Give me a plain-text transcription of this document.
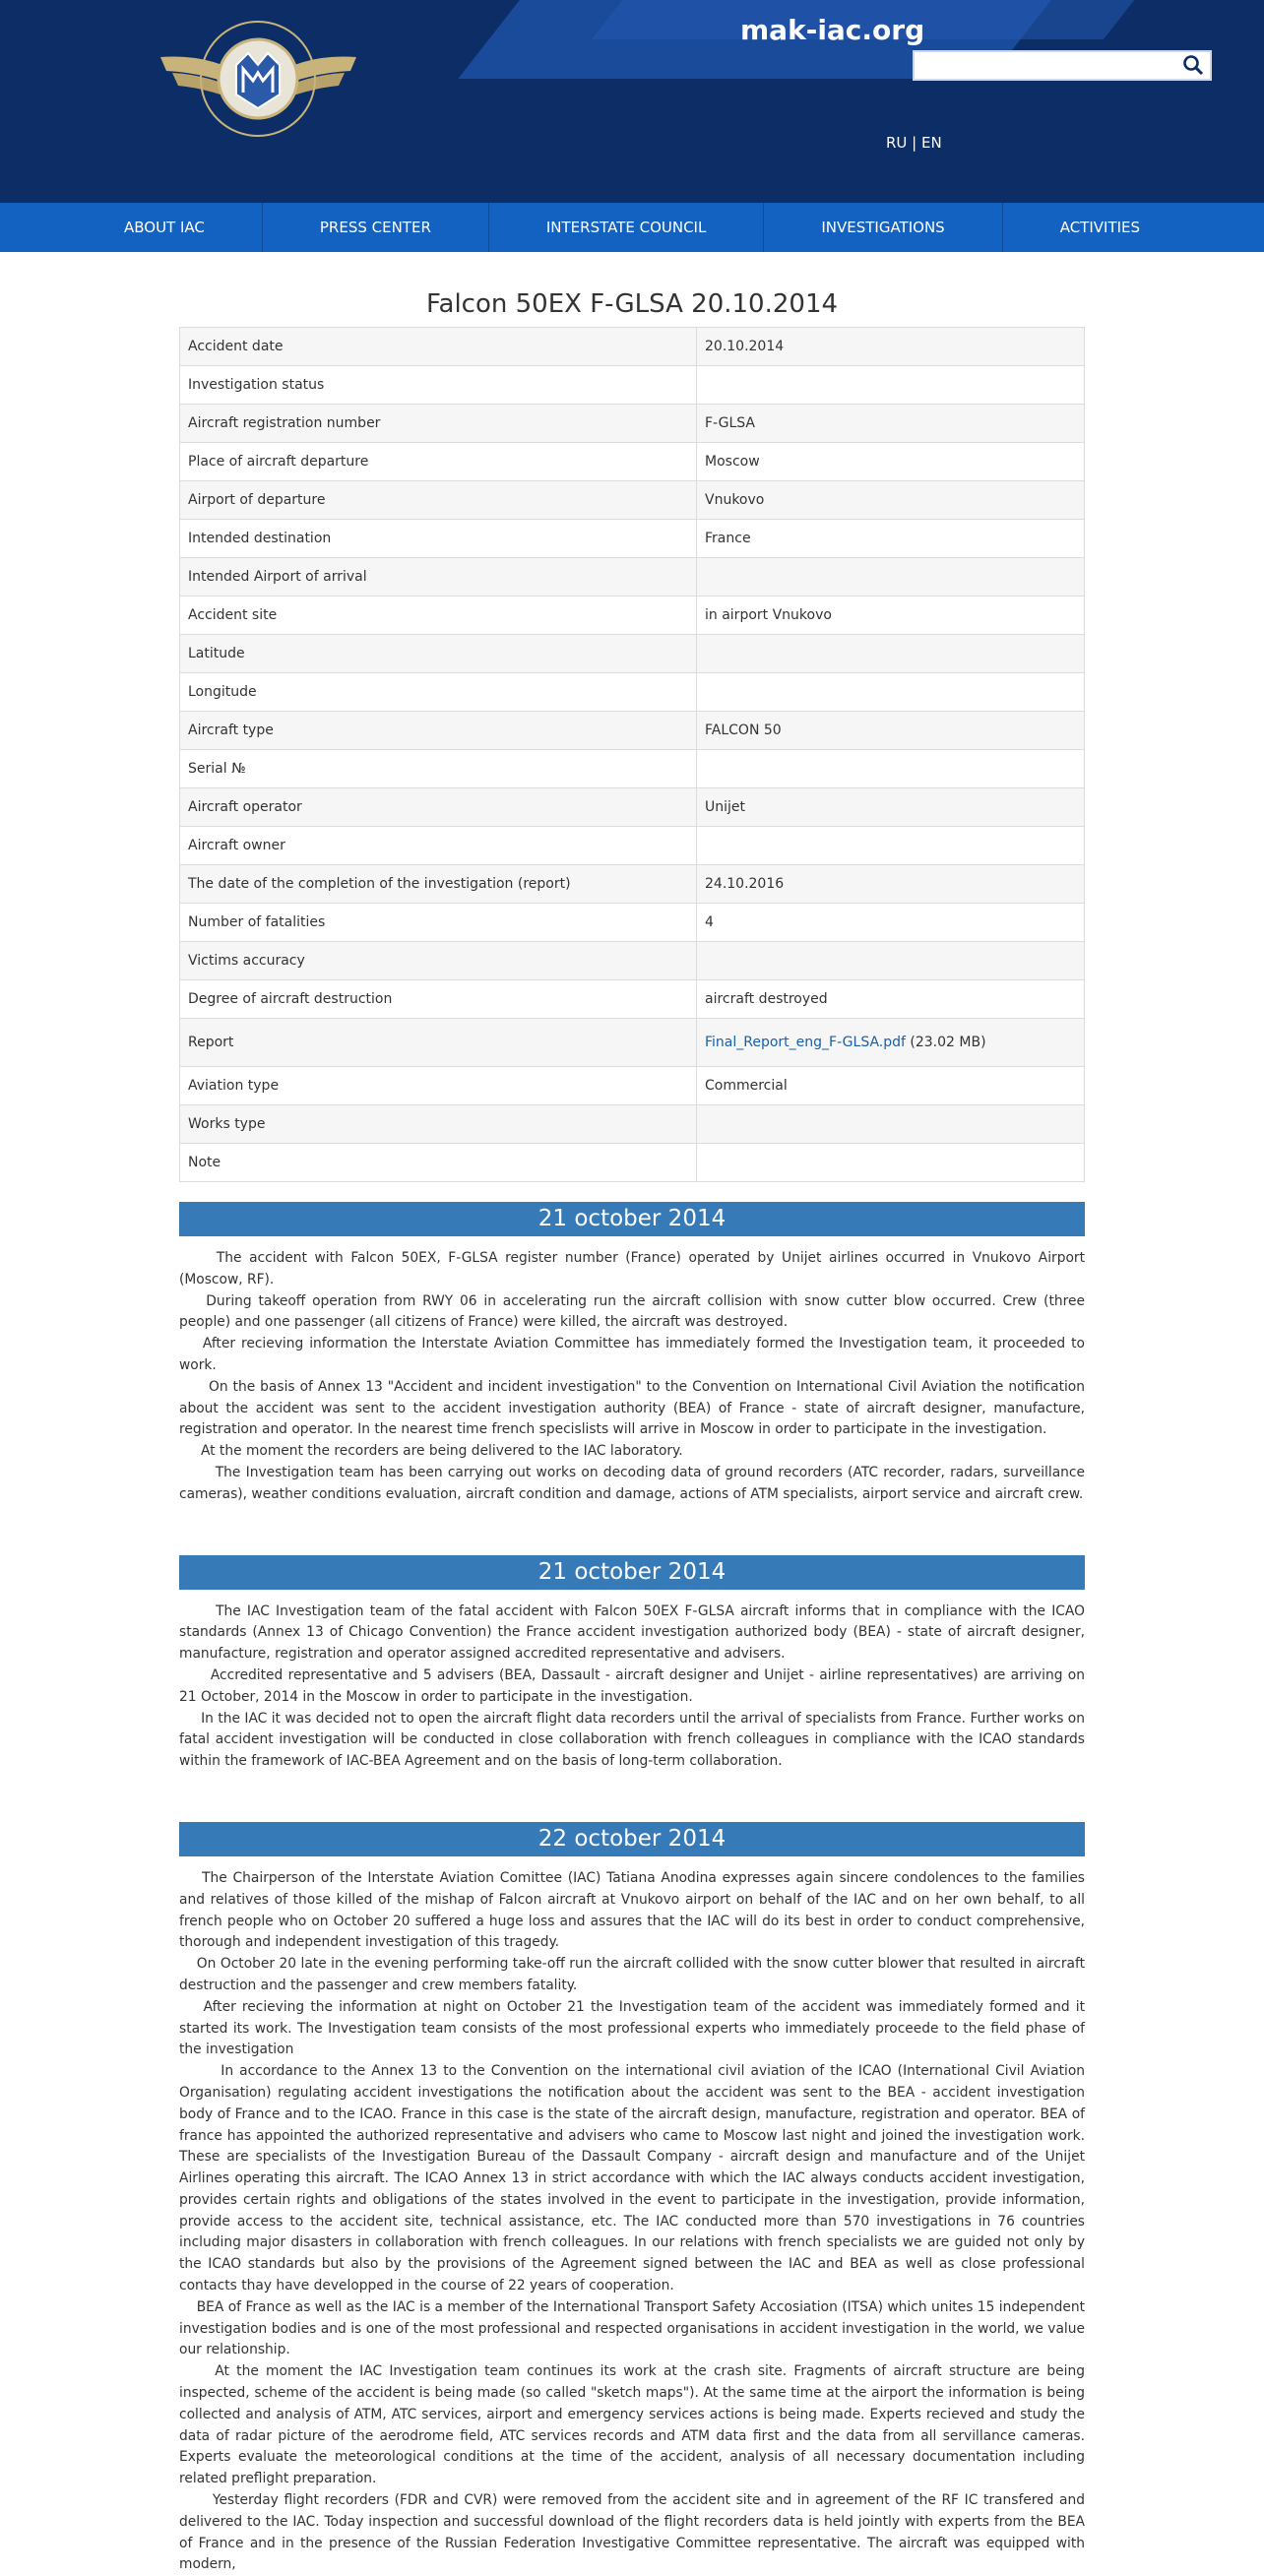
mak-iac.org
RU | EN
ABOUT IAC	PRESS CENTER	INTERSTATE COUNCIL	INVESTIGATIONS	ACTIVITIES
Falcon 50EX F-GLSA 20.10.2014
Accident date	20.10.2014
Investigation status	
Aircraft registration number	F-GLSA
Place of aircraft departure	Moscow
Airport of departure	Vnukovo
Intended destination	France
Intended Airport of arrival	
Accident site	in airport Vnukovo
Latitude	
Longitude	
Aircraft type	FALCON 50
Serial №	
Aircraft operator	Unijet
Aircraft owner	
The date of the completion of the investigation (report)	24.10.2016
Number of fatalities	4
Victims accuracy	
Degree of aircraft destruction	aircraft destroyed
Report	Final_Report_eng_F-GLSA.pdf (23.02 MB)
Aviation type	Commercial
Works type	
Note	
21 october 2014

The accident with Falcon 50EX, F-GLSA register number (France) operated by Unijet airlines occurred in Vnukovo Airport (Moscow, RF).

During takeoff operation from RWY 06 in accelerating run the aircraft collision with snow cutter blow occurred. Crew (three people) and one passenger (all citizens of France) were killed, the aircraft was destroyed.

After recieving information the Interstate Aviation Committee has immediately formed the Investigation team, it proceeded to work.

On the basis of Annex 13 "Accident and incident investigation" to the Convention on International Civil Aviation the notification about the accident was sent to the accident investigation authority (BEA) of France - state of aircraft designer, manufacture, registration and operator. In the nearest time french specislists will arrive in Moscow in order to participate in the investigation.

At the moment the recorders are being delivered to the IAC laboratory.

The Investigation team has been carrying out works on decoding data of ground recorders (ATC recorder, radars, surveillance cameras), weather conditions evaluation, aircraft condition and damage, actions of ATM specialists, airport service and aircraft crew.

21 october 2014

The IAC Investigation team of the fatal accident with Falcon 50EX F-GLSA aircraft informs that in compliance with the ICAO standards (Annex 13 of Chicago Convention) the France accident investigation authorized body (BEA) - state of aircraft designer, manufacture, registration and operator assigned accredited representative and advisers.

Accredited representative and 5 advisers (BEA, Dassault - aircraft designer and Unijet - airline representatives) are arriving on 21 October, 2014 in the Moscow in order to participate in the investigation.

In the IAC it was decided not to open the aircraft flight data recorders until the arrival of specialists from France. Further works on fatal accident investigation will be conducted in close collaboration with french colleagues in compliance with the ICAO standards within the framework of IAC-BEA Agreement and on the basis of long-term collaboration.

22 october 2014

The Chairperson of the Interstate Aviation Comittee (IAC) Tatiana Anodina expresses again sincere condolences to the families and relatives of those killed of the mishap of Falcon aircraft at Vnukovo airport on behalf of the IAC and on her own behalf, to all french people who on October 20 suffered a huge loss and assures that the IAC will do its best in order to conduct comprehensive, thorough and independent investigation of this tragedy.

On October 20 late in the evening performing take-off run the aircraft collided with the snow cutter blower that resulted in aircraft destruction and the passenger and crew members fatality.

After recieving the information at night on October 21 the Investigation team of the accident was immediately formed and it started its work. The Investigation team consists of the most professional experts who immediately proceede to the field phase of the investigation

In accordance to the Annex 13 to the Convention on the international civil aviation of the ICAO (International Civil Aviation Organisation) regulating accident investigations the notification about the accident was sent to the BEA - accident investigation body of France and to the ICAO. France in this case is the state of the aircraft design, manufacture, registration and operator. BEA of france has appointed the authorized representative and advisers who came to Moscow last night and joined the investigation work. These are specialists of the Investigation Bureau of the Dassault Company - aircraft design and manufacture and of the Unijet Airlines operating this aircraft. The ICAO Annex 13 in strict accordance with which the IAC always conducts accident investigation, provides certain rights and obligations of the states involved in the event to participate in the investigation, provide information, provide access to the accident site, technical assistance, etc. The IAC conducted more than 570 investigations in 76 countries including major disasters in collaboration with french colleagues. In our relations with french specialists we are guided not only by the ICAO standards but also by the provisions of the Agreement signed between the IAC and BEA as well as close professional contacts thay have developped in the course of 22 years of cooperation.

BEA of France as well as the IAC is a member of the International Transport Safety Accosiation (ITSA) which unites 15 independent investigation bodies and is one of the most professional and respected organisations in accident investigation in the world, we value our relationship.

At the moment the IAC Investigation team continues its work at the crash site. Fragments of aircraft structure are being inspected, scheme of the accident is being made (so called "sketch maps"). At the same time at the airport the information is being collected and analysis of ATM, ATC services, airport and emergency services actions is being made. Experts recieved and study the data of radar picture of the aerodrome field, ATC services records and ATM data first and the data from all servillance cameras. Experts evaluate the meteorological conditions at the time of the accident, analysis of all necessary documentation including related preflight preparation.

Yesterday flight recorders (FDR and CVR) were removed from the accident site and in agreement of the RF IC transfered and delivered to the IAC. Today inspection and successful download of the flight recorders data is held jointly with experts from the BEA of France and in the presence of the Russian Federation Investigative Committee representative. The aircraft was equipped with modern,
